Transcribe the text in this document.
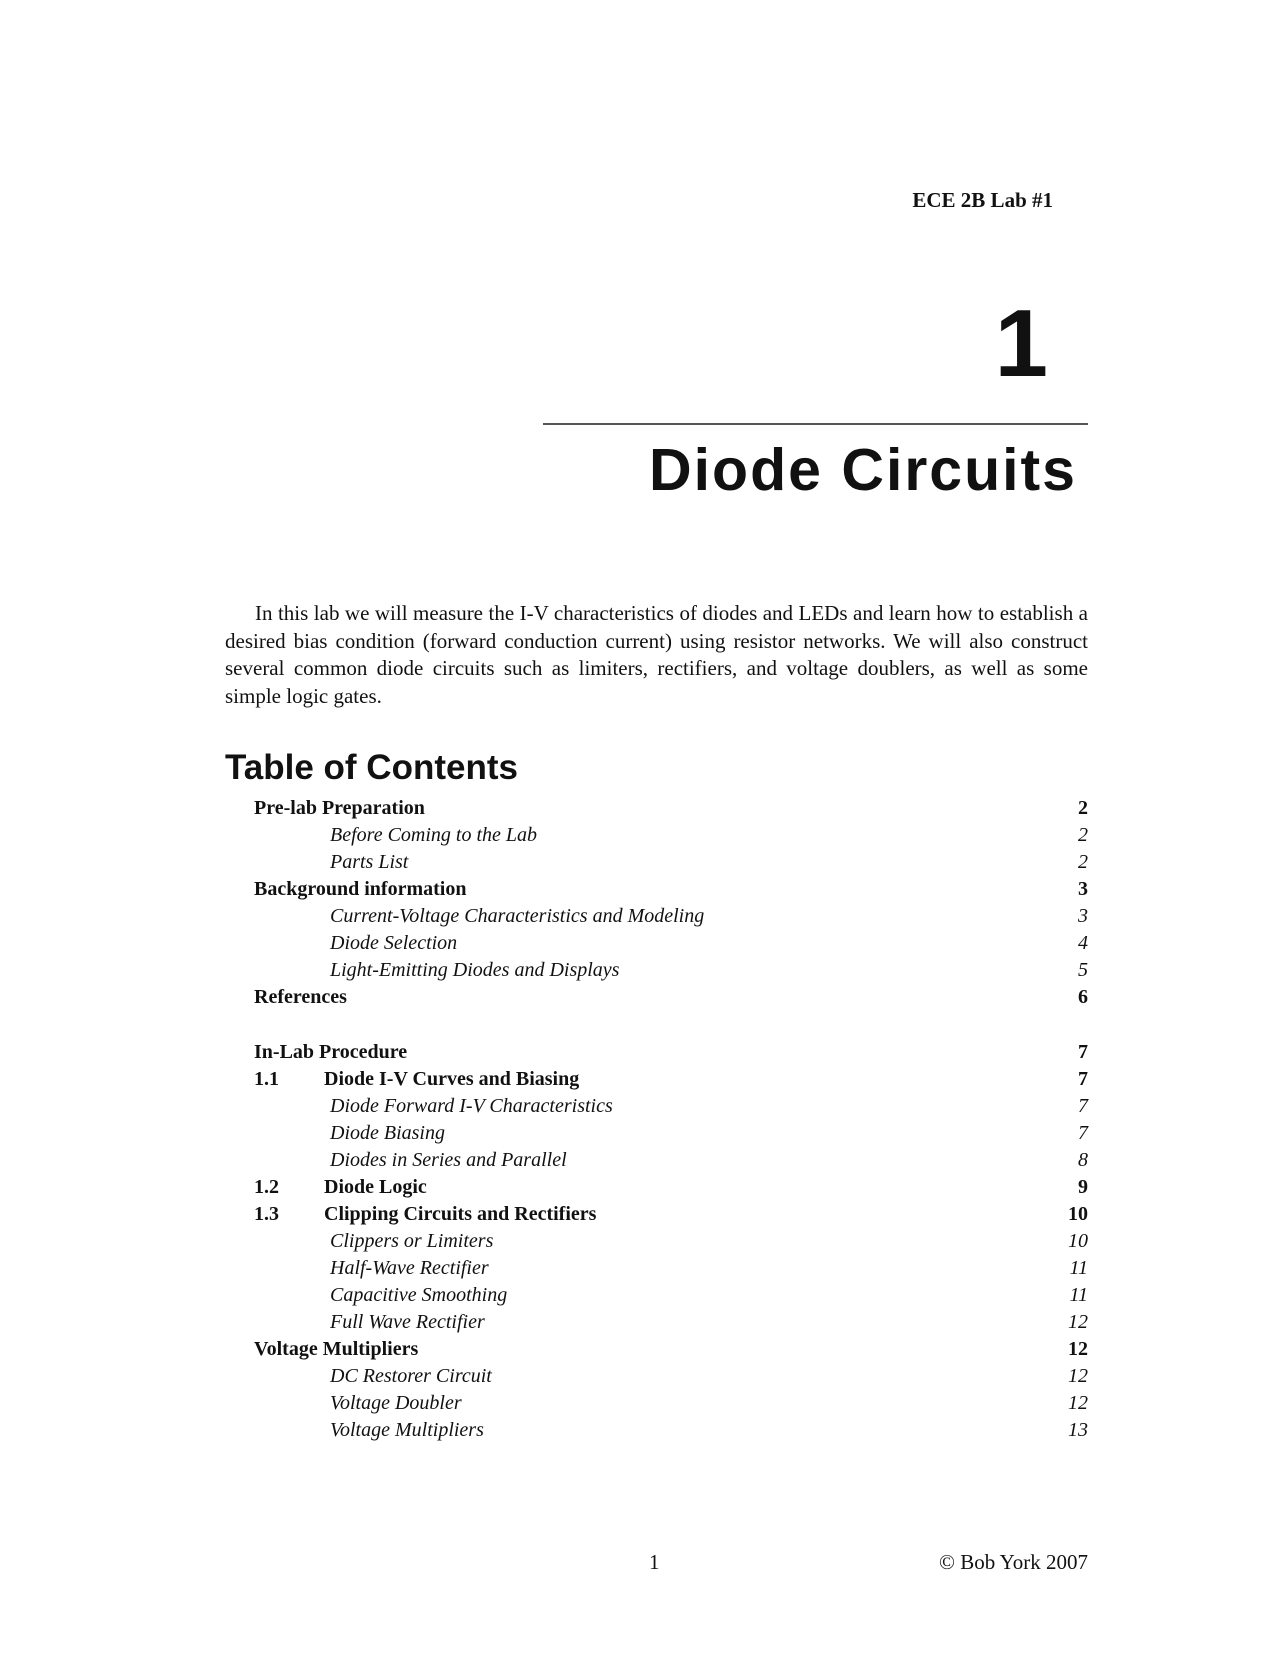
ECE 2B Lab #1
1
Diode Circuits

In this lab we will measure the I-V characteristics of diodes and LEDs and learn how to establish a desired bias condition (forward conduction current) using resistor networks. We will also construct several common diode circuits such as limiters, rectifiers, and voltage doublers, as well as some simple logic gates.

Table of Contents
Pre-lab Preparation	2
Before Coming to the Lab	2
Parts List	2
Background information	3
Current-Voltage Characteristics and Modeling	3
Diode Selection	4
Light-Emitting Diodes and Displays	5
References	6
In-Lab Procedure	7
1.1	Diode I-V Curves and Biasing	7
Diode Forward I-V Characteristics	7
Diode Biasing	7
Diodes in Series and Parallel	8
1.2	Diode Logic	9
1.3	Clipping Circuits and Rectifiers	10
Clippers or Limiters	10
Half-Wave Rectifier	11
Capacitive Smoothing	11
Full Wave Rectifier	12
Voltage Multipliers	12
DC Restorer Circuit	12
Voltage Doubler	12
Voltage Multipliers	13
1	© Bob York 2007
